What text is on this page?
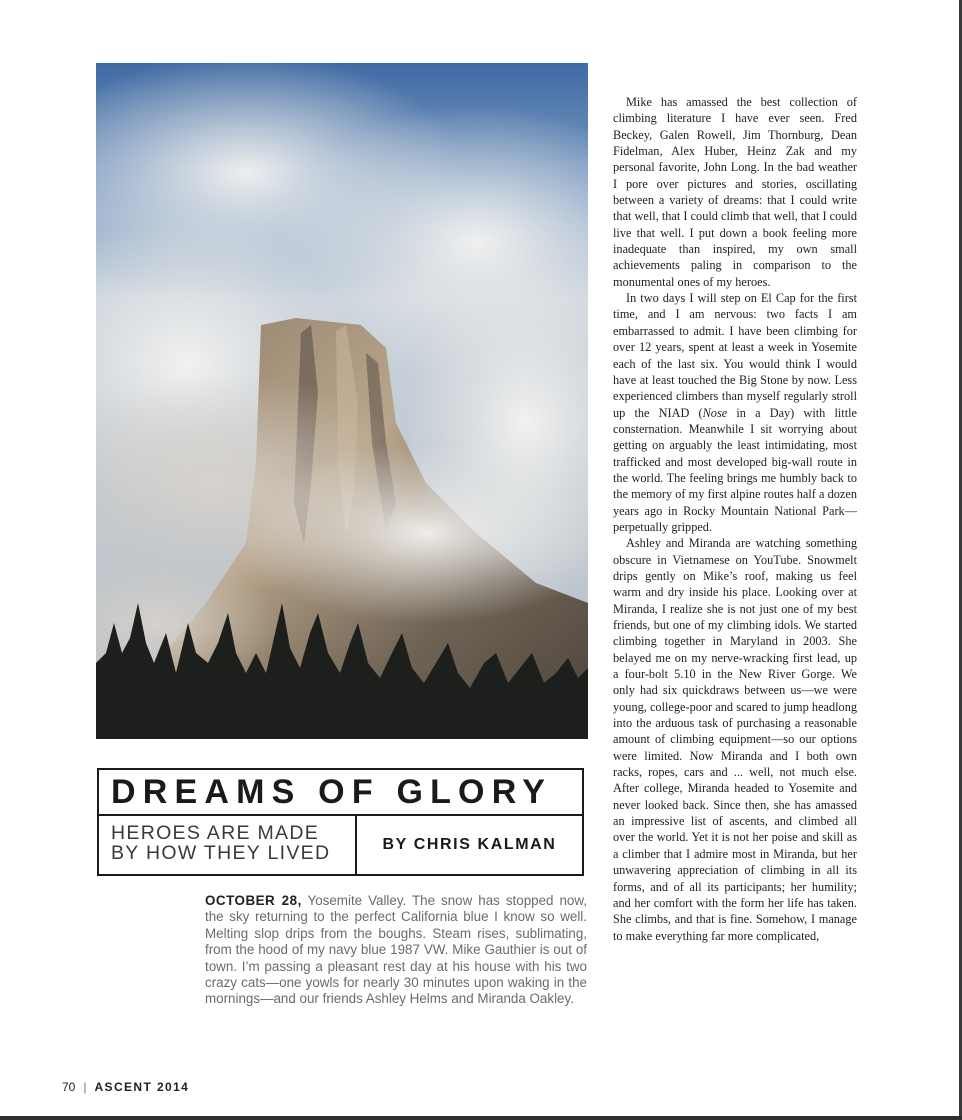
DREAMS OF GLORY
HEROES ARE MADE
BY HOW THEY LIVED	BY CHRIS KALMAN
OCTOBER 28, Yosemite Valley. The snow has stopped now, the sky returning to the perfect California blue I know so well. Melting slop drips from the boughs. Steam rises, sublimating, from the hood of my navy blue 1987 VW. Mike Gauthier is out of town. I’m passing a pleasant rest day at his house with his two crazy cats—one yowls for nearly 30 minutes upon waking in the mornings—and our friends Ashley Helms and Miranda Oakley.

Mike has amassed the best collection of climbing literature I have ever seen. Fred Beckey, Galen Rowell, Jim Thornburg, Dean Fidelman, Alex Huber, Heinz Zak and my personal favorite, John Long. In the bad weather I pore over pictures and stories, oscillating between a variety of dreams: that I could write that well, that I could climb that well, that I could live that well. I put down a book feeling more inadequate than inspired, my own small achievements paling in comparison to the monumental ones of my heroes.

In two days I will step on El Cap for the first time, and I am nervous: two facts I am embarrassed to admit. I have been climbing for over 12 years, spent at least a week in Yosemite each of the last six. You would think I would have at least touched the Big Stone by now. Less experienced climbers than myself regularly stroll up the NIAD (Nose in a Day) with little consternation. Meanwhile I sit worrying about getting on arguably the least intimidating, most trafficked and most developed big-wall route in the world. The feeling brings me humbly back to the memory of my first alpine routes half a dozen years ago in Rocky Mountain National Park—perpetually gripped.

Ashley and Miranda are watching something obscure in Vietnamese on YouTube. Snowmelt drips gently on Mike’s roof, making us feel warm and dry inside his place. Looking over at Miranda, I realize she is not just one of my best friends, but one of my climbing idols. We started climbing together in Maryland in 2003. She belayed me on my nerve-wracking first lead, up a four-bolt 5.10 in the New River Gorge. We only had six quickdraws between us—we were young, college-poor and scared to jump headlong into the arduous task of purchasing a reasonable amount of climbing equipment—so our options were limited. Now Miranda and I both own racks, ropes, cars and ... well, not much else. After college, Miranda headed to Yosemite and never looked back. Since then, she has amassed an impressive list of ascents, and climbed all over the world. Yet it is not her poise and skill as a climber that I admire most in Miranda, but her unwavering appreciation of climbing in all its forms, and of all its participants; her humility; and her comfort with the form her life has taken. She climbs, and that is fine. Somehow, I manage to make everything far more complicated,

70 | ASCENT 2014
